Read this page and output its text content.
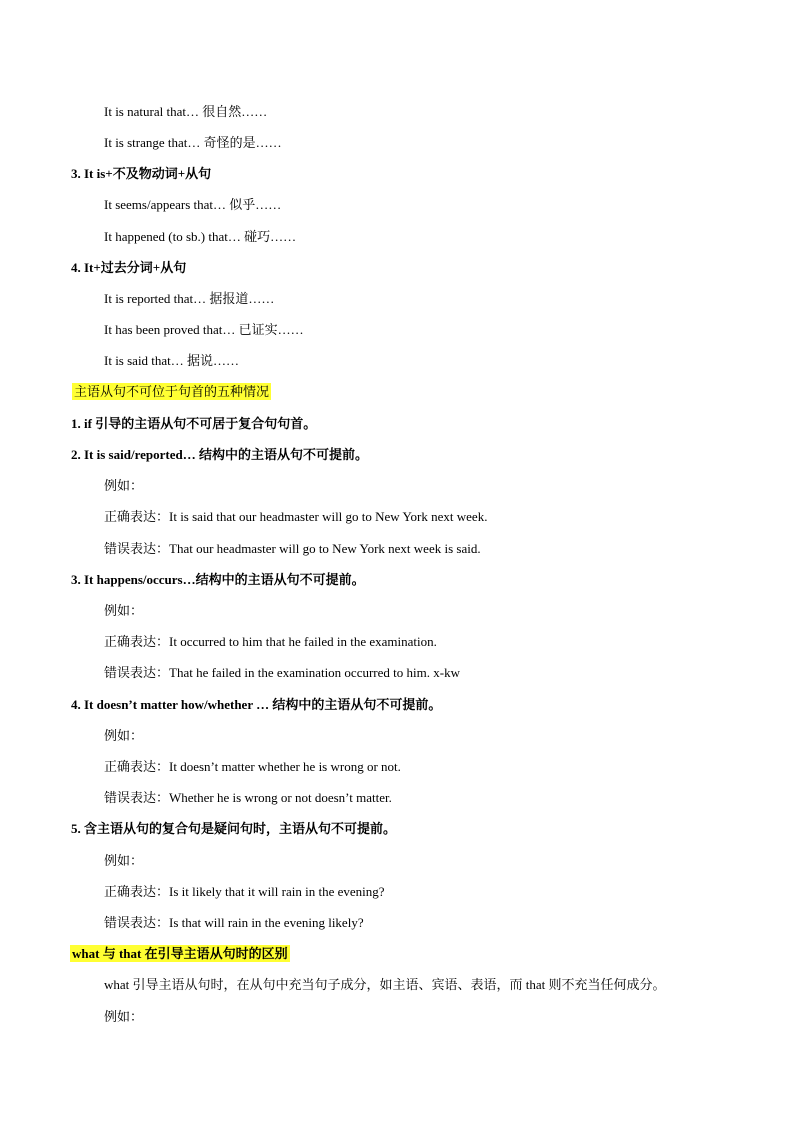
It is natural that… 很自然……
It is strange that… 奇怪的是……
3. It is+不及物动词+从句
It seems/appears that… 似乎……
It happened (to sb.) that… 碰巧……
4. It+过去分词+从句
It is reported that… 据报道……
It has been proved that… 已证实……
It is said that… 据说……
主语从句不可位于句首的五种情况
1. if 引导的主语从句不可居于复合句句首。
2. It is said/reported… 结构中的主语从句不可提前。
例如：
正确表达：It is said that our headmaster will go to New York next week.
错误表达：That our headmaster will go to New York next week is said.
3. It happens/occurs…结构中的主语从句不可提前。
例如：
正确表达：It occurred to him that he failed in the examination.
错误表达：That he failed in the examination occurred to him. x-kw
4. It doesn’t matter how/whether … 结构中的主语从句不可提前。
例如：
正确表达：It doesn’t matter whether he is wrong or not.
错误表达：Whether he is wrong or not doesn’t matter.
5. 含主语从句的复合句是疑问句时，主语从句不可提前。
例如：
正确表达：Is it likely that it will rain in the evening?
错误表达：Is that will rain in the evening likely?
what 与 that 在引导主语从句时的区别
what 引导主语从句时，在从句中充当句子成分，如主语、宾语、表语，而 that 则不充当任何成分。
例如：
